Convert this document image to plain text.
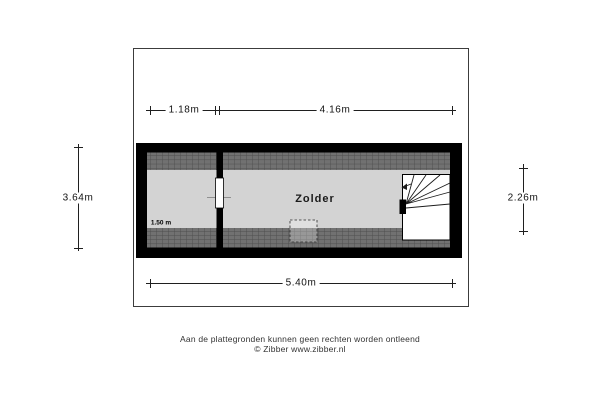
1.18m	4.16m
3.64m	2.26m
5.40m
Zolder
1.50 m
Aan de plattegronden kunnen geen rechten worden ontleend
© Zibber www.zibber.nl
